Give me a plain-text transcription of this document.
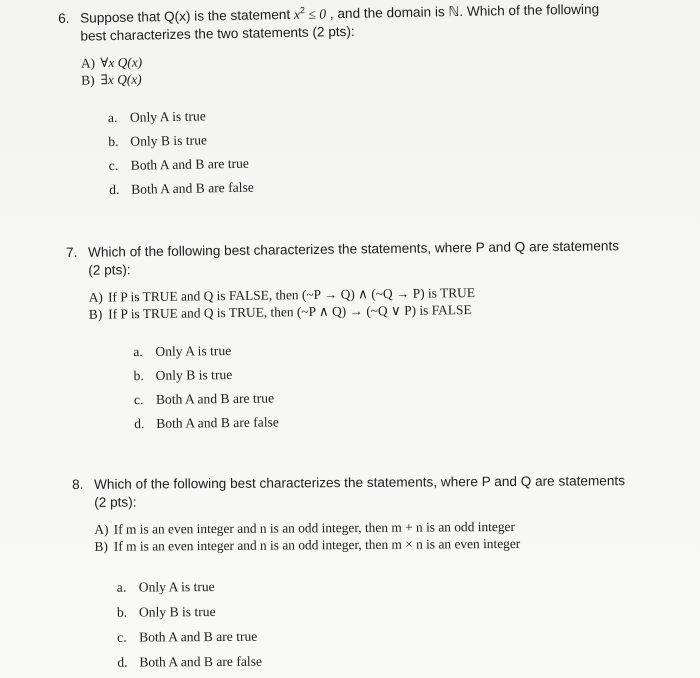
6. Suppose that Q(x) is the statement $x^2 \le 0$ , and the domain is ℕ. Which of the following
best characterizes the two statements (2 pts):
A) ∀x Q(x)
B) ∃x Q(x)
a. Only A is true
b. Only B is true
c. Both A and B are true
d. Both A and B are false
7. Which of the following best characterizes the statements, where P and Q are statements
(2 pts):
A) If P is TRUE and Q is FALSE, then (~P → Q) ∧ (~Q → P) is TRUE
B) If P is TRUE and Q is TRUE, then (~P ∧ Q) → (~Q ∨ P) is FALSE
a. Only A is true
b. Only B is true
c. Both A and B are true
d. Both A and B are false
8. Which of the following best characterizes the statements, where P and Q are statements
(2 pts):
A) If m is an even integer and n is an odd integer, then m + n is an odd integer
B) If m is an even integer and n is an odd integer, then m × n is an even integer
a. Only A is true
b. Only B is true
c. Both A and B are true
d. Both A and B are false
